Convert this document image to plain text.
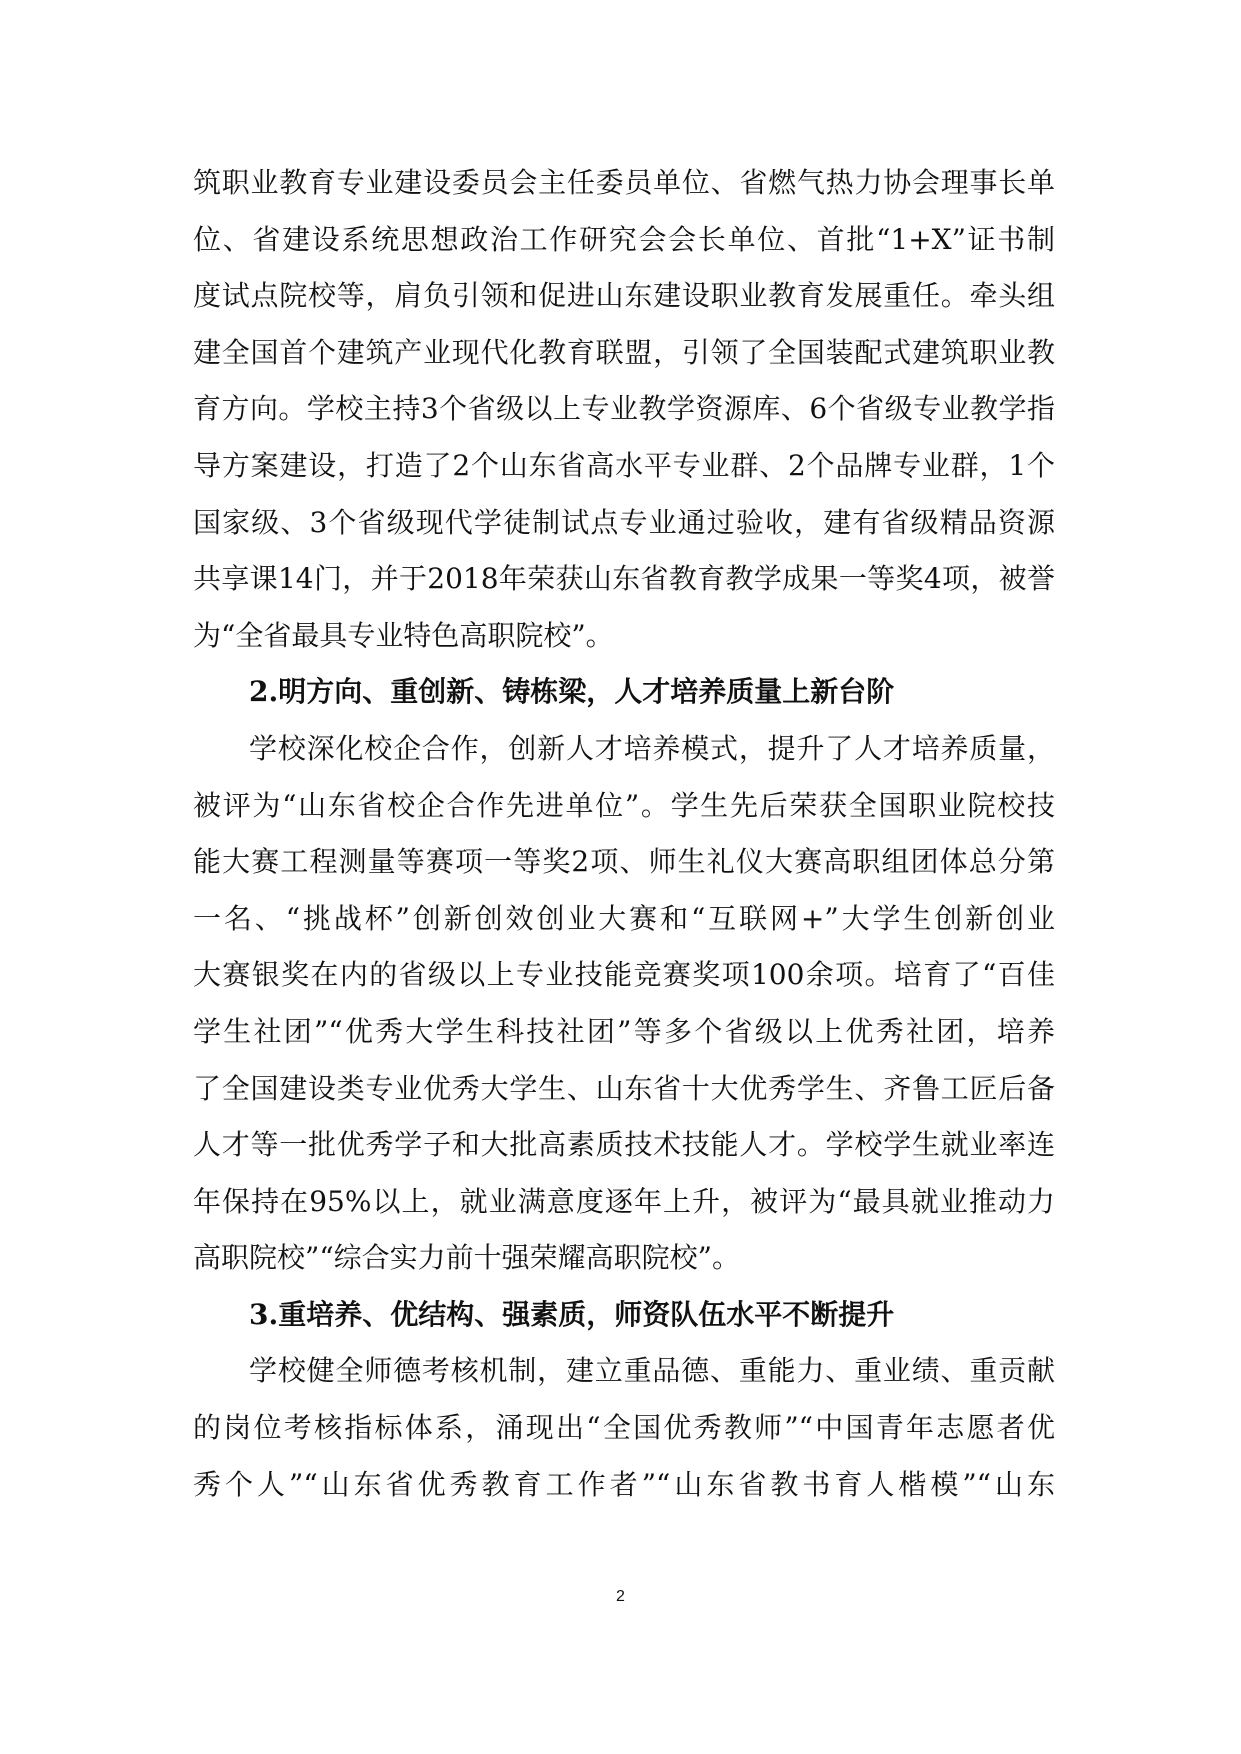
筑职业教育专业建设委员会主任委员单位、省燃气热力协会理事长单
位、省建设系统思想政治工作研究会会长单位、首批“1+X”证书制
度试点院校等，肩负引领和促进山东建设职业教育发展重任。牵头组
建全国首个建筑产业现代化教育联盟，引领了全国装配式建筑职业教
育方向。学校主持3个省级以上专业教学资源库、6个省级专业教学指
导方案建设，打造了2个山东省高水平专业群、2个品牌专业群，1个
国家级、3个省级现代学徒制试点专业通过验收，建有省级精品资源
共享课14门，并于2018年荣获山东省教育教学成果一等奖4项，被誉
为“全省最具专业特色高职院校”。
2.明方向、重创新、铸栋梁，人才培养质量上新台阶
学校深化校企合作，创新人才培养模式，提升了人才培养质量，
被评为“山东省校企合作先进单位”。学生先后荣获全国职业院校技
能大赛工程测量等赛项一等奖2项、师生礼仪大赛高职组团体总分第
一名、“挑战杯”创新创效创业大赛和“互联网+”大学生创新创业
大赛银奖在内的省级以上专业技能竞赛奖项100余项。培育了“百佳
学生社团”“优秀大学生科技社团”等多个省级以上优秀社团，培养
了全国建设类专业优秀大学生、山东省十大优秀学生、齐鲁工匠后备
人才等一批优秀学子和大批高素质技术技能人才。学校学生就业率连
年保持在95%以上，就业满意度逐年上升，被评为“最具就业推动力
高职院校”“综合实力前十强荣耀高职院校”。
3.重培养、优结构、强素质，师资队伍水平不断提升
学校健全师德考核机制，建立重品德、重能力、重业绩、重贡献
的岗位考核指标体系，涌现出“全国优秀教师”“中国青年志愿者优
秀个人”“山东省优秀教育工作者”“山东省教书育人楷模”“山东
2
